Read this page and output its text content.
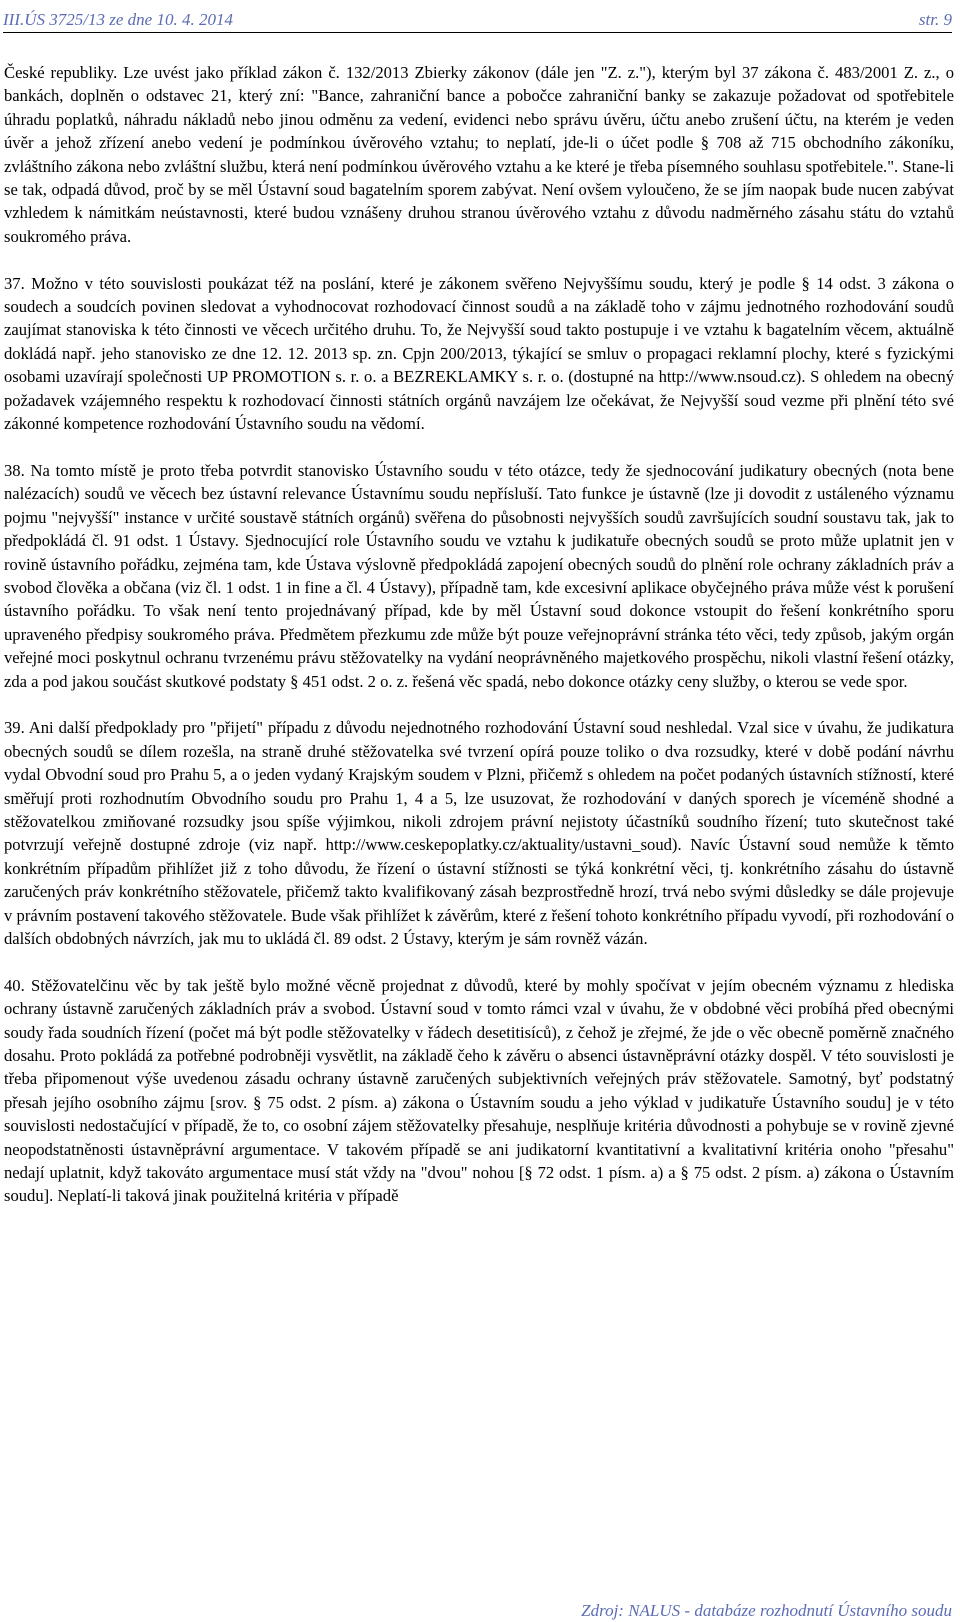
III.ÚS 3725/13 ze dne 10. 4. 2014	str. 9

České republiky. Lze uvést jako příklad zákon č. 132/2013 Zbierky zákonov (dále jen "Z. z."), kterým byl 37 zákona č. 483/2001 Z. z., o bankách, doplněn o odstavec 21, který zní: "Bance, zahraniční bance a pobočce zahraniční banky se zakazuje požadovat od spotřebitele úhradu poplatků, náhradu nákladů nebo jinou odměnu za vedení, evidenci nebo správu úvěru, účtu anebo zrušení účtu, na kterém je veden úvěr a jehož zřízení anebo vedení je podmínkou úvěrového vztahu; to neplatí, jde-li o účet podle § 708 až 715 obchodního zákoníku, zvláštního zákona nebo zvláštní službu, která není podmínkou úvěrového vztahu a ke které je třeba písemného souhlasu spotřebitele.". Stane-li se tak, odpadá důvod, proč by se měl Ústavní soud bagatelním sporem zabývat. Není ovšem vyloučeno, že se jím naopak bude nucen zabývat vzhledem k námitkám neústavnosti, které budou vznášeny druhou stranou úvěrového vztahu z důvodu nadměrného zásahu státu do vztahů soukromého práva.

37. Možno v této souvislosti poukázat též na poslání, které je zákonem svěřeno Nejvyššímu soudu, který je podle § 14 odst. 3 zákona o soudech a soudcích povinen sledovat a vyhodnocovat rozhodovací činnost soudů a na základě toho v zájmu jednotného rozhodování soudů zaujímat stanoviska k této činnosti ve věcech určitého druhu. To, že Nejvyšší soud takto postupuje i ve vztahu k bagatelním věcem, aktuálně dokládá např. jeho stanovisko ze dne 12. 12. 2013 sp. zn. Cpjn 200/2013, týkající se smluv o propagaci reklamní plochy, které s fyzickými osobami uzavírají společnosti UP PROMOTION s. r. o. a BEZREKLAMKY s. r. o. (dostupné na http://www.nsoud.cz). S ohledem na obecný požadavek vzájemného respektu k rozhodovací činnosti státních orgánů navzájem lze očekávat, že Nejvyšší soud vezme při plnění této své zákonné kompetence rozhodování Ústavního soudu na vědomí.

38. Na tomto místě je proto třeba potvrdit stanovisko Ústavního soudu v této otázce, tedy že sjednocování judikatury obecných (nota bene nalézacích) soudů ve věcech bez ústavní relevance Ústavnímu soudu nepřísluší. Tato funkce je ústavně (lze ji dovodit z ustáleného významu pojmu "nejvyšší" instance v určité soustavě státních orgánů) svěřena do působnosti nejvyšších soudů završujících soudní soustavu tak, jak to předpokládá čl. 91 odst. 1 Ústavy. Sjednocující role Ústavního soudu ve vztahu k judikatuře obecných soudů se proto může uplatnit jen v rovině ústavního pořádku, zejména tam, kde Ústava výslovně předpokládá zapojení obecných soudů do plnění role ochrany základních práv a svobod člověka a občana (viz čl. 1 odst. 1 in fine a čl. 4 Ústavy), případně tam, kde excesivní aplikace obyčejného práva může vést k porušení ústavního pořádku. To však není tento projednávaný případ, kde by měl Ústavní soud dokonce vstoupit do řešení konkrétního sporu upraveného předpisy soukromého práva. Předmětem přezkumu zde může být pouze veřejnoprávní stránka této věci, tedy způsob, jakým orgán veřejné moci poskytnul ochranu tvrzenému právu stěžovatelky na vydání neoprávněného majetkového prospěchu, nikoli vlastní řešení otázky, zda a pod jakou součást skutkové podstaty § 451 odst. 2 o. z. řešená věc spadá, nebo dokonce otázky ceny služby, o kterou se vede spor.

39. Ani další předpoklady pro "přijetí" případu z důvodu nejednotného rozhodování Ústavní soud neshledal. Vzal sice v úvahu, že judikatura obecných soudů se dílem rozešla, na straně druhé stěžovatelka své tvrzení opírá pouze toliko o dva rozsudky, které v době podání návrhu vydal Obvodní soud pro Prahu 5, a o jeden vydaný Krajským soudem v Plzni, přičemž s ohledem na počet podaných ústavních stížností, které směřují proti rozhodnutím Obvodního soudu pro Prahu 1, 4 a 5, lze usuzovat, že rozhodování v daných sporech je víceméně shodné a stěžovatelkou zmiňované rozsudky jsou spíše výjimkou, nikoli zdrojem právní nejistoty účastníků soudního řízení; tuto skutečnost také potvrzují veřejně dostupné zdroje (viz např. http://www.ceskepoplatky.cz/aktuality/ustavni_soud). Navíc Ústavní soud nemůže k těmto konkrétním případům přihlížet již z toho důvodu, že řízení o ústavní stížnosti se týká konkrétní věci, tj. konkrétního zásahu do ústavně zaručených práv konkrétního stěžovatele, přičemž takto kvalifikovaný zásah bezprostředně hrozí, trvá nebo svými důsledky se dále projevuje v právním postavení takového stěžovatele. Bude však přihlížet k závěrům, které z řešení tohoto konkrétního případu vyvodí, při rozhodování o dalších obdobných návrzích, jak mu to ukládá čl. 89 odst. 2 Ústavy, kterým je sám rovněž vázán.

40. Stěžovatelčinu věc by tak ještě bylo možné věcně projednat z důvodů, které by mohly spočívat v jejím obecném významu z hlediska ochrany ústavně zaručených základních práv a svobod. Ústavní soud v tomto rámci vzal v úvahu, že v obdobné věci probíhá před obecnými soudy řada soudních řízení (počet má být podle stěžovatelky v řádech desetitisíců), z čehož je zřejmé, že jde o věc obecně poměrně značného dosahu. Proto pokládá za potřebné podrobněji vysvětlit, na základě čeho k závěru o absenci ústavněprávní otázky dospěl. V této souvislosti je třeba připomenout výše uvedenou zásadu ochrany ústavně zaručených subjektivních veřejných práv stěžovatele. Samotný, byť podstatný přesah jejího osobního zájmu [srov. § 75 odst. 2 písm. a) zákona o Ústavním soudu a jeho výklad v judikatuře Ústavního soudu] je v této souvislosti nedostačující v případě, že to, co osobní zájem stěžovatelky přesahuje, nesplňuje kritéria důvodnosti a pohybuje se v rovině zjevné neopodstatněnosti ústavněprávní argumentace. V takovém případě se ani judikatorní kvantitativní a kvalitativní kritéria onoho "přesahu" nedají uplatnit, když takováto argumentace musí stát vždy na "dvou" nohou [§ 72 odst. 1 písm. a) a § 75 odst. 2 písm. a) zákona o Ústavním soudu]. Neplatí-li taková jinak použitelná kritéria v případě

Zdroj: NALUS - databáze rozhodnutí Ústavního soudu
